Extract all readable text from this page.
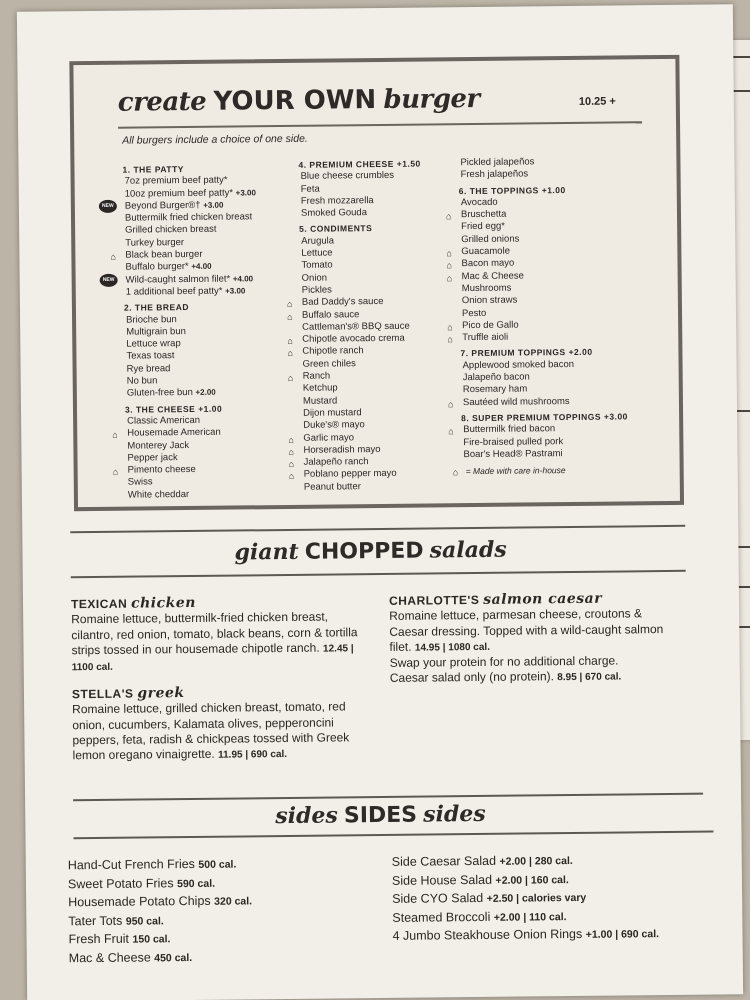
create YOUR OWN burger	10.25 +
All burgers include a choice of one side.
1. THE PATTY
7oz premium beef patty*
10oz premium beef patty* +3.00
NEW	Beyond Burger®† +3.00
Buttermilk fried chicken breast
Grilled chicken breast
Turkey burger
⌂ Black bean burger
Buffalo burger* +4.00
NEW	Wild-caught salmon filet* +4.00
1 additional beef patty* +3.00
2. THE BREAD
Brioche bun
Multigrain bun
Lettuce wrap
Texas toast
Rye bread
No bun
Gluten-free bun +2.00
3. THE CHEESE +1.00
Classic American
⌂ Housemade American
Monterey Jack
Pepper jack
⌂ Pimento cheese
Swiss
White cheddar
4. PREMIUM CHEESE +1.50
Blue cheese crumbles
Feta
Fresh mozzarella
Smoked Gouda
5. CONDIMENTS
Arugula
Lettuce
Tomato
Onion
Pickles
⌂ Bad Daddy's sauce
⌂ Buffalo sauce
Cattleman's® BBQ sauce
⌂ Chipotle avocado crema
⌂ Chipotle ranch
Green chiles
⌂ Ranch
Ketchup
Mustard
Dijon mustard
Duke's® mayo
⌂ Garlic mayo
⌂ Horseradish mayo
⌂ Jalapeño ranch
⌂ Poblano pepper mayo
Peanut butter
Pickled jalapeños
Fresh jalapeños
6. THE TOPPINGS +1.00
Avocado
⌂ Bruschetta
Fried egg*
Grilled onions
⌂ Guacamole
⌂ Bacon mayo
⌂ Mac & Cheese
Mushrooms
Onion straws
Pesto
⌂ Pico de Gallo
⌂ Truffle aioli
7. PREMIUM TOPPINGS +2.00
Applewood smoked bacon
Jalapeño bacon
Rosemary ham
⌂ Sautéed wild mushrooms
8. SUPER PREMIUM TOPPINGS +3.00
⌂ Buttermilk fried bacon
Fire-braised pulled pork
Boar's Head® Pastrami
⌂ = Made with care in-house
giant CHOPPED salads
TEXICAN chicken
Romaine lettuce, buttermilk-fried chicken breast, cilantro, red onion, tomato, black beans, corn & tortilla strips tossed in our housemade chipotle ranch. 12.45 | 1100 cal.
STELLA'S greek
Romaine lettuce, grilled chicken breast, tomato, red onion, cucumbers, Kalamata olives, pepperoncini peppers, feta, radish & chickpeas tossed with Greek lemon oregano vinaigrette. 11.95 | 690 cal.
CHARLOTTE'S salmon caesar
Romaine lettuce, parmesan cheese, croutons & Caesar dressing. Topped with a wild-caught salmon filet. 14.95 | 1080 cal.
Swap your protein for no additional charge.
Caesar salad only (no protein). 8.95 | 670 cal.
sides SIDES sides
Hand-Cut French Fries 500 cal.
Sweet Potato Fries 590 cal.
Housemade Potato Chips 320 cal.
Tater Tots 950 cal.
Fresh Fruit 150 cal.
Mac & Cheese 450 cal.
Side Caesar Salad +2.00 | 280 cal.
Side House Salad +2.00 | 160 cal.
Side CYO Salad +2.50 | calories vary
Steamed Broccoli +2.00 | 110 cal.
4 Jumbo Steakhouse Onion Rings +1.00 | 690 cal.
